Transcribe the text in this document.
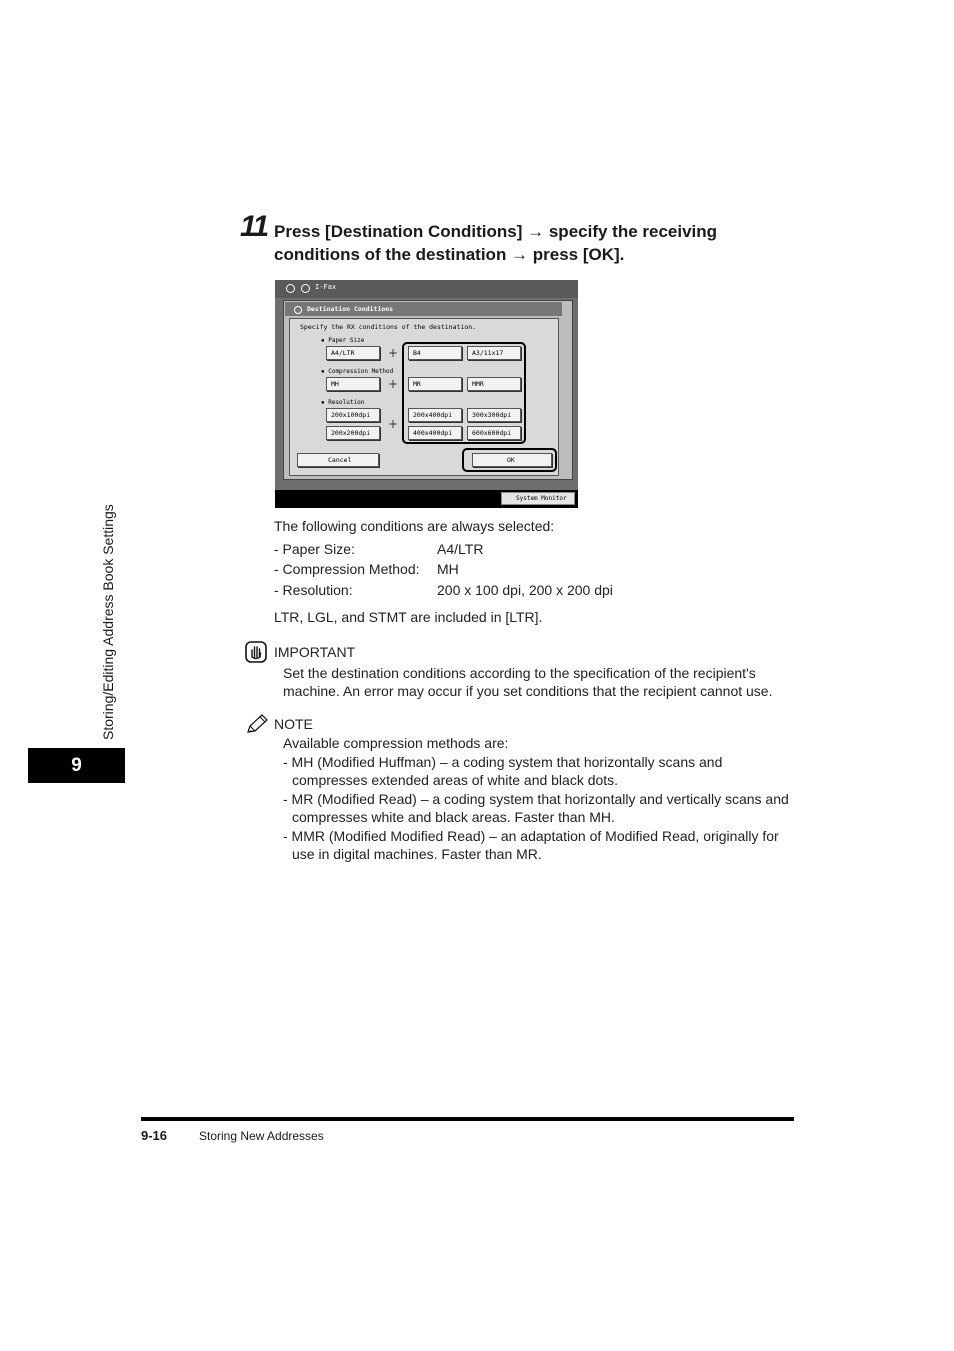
Storing/Editing Address Book Settings
9
11 Press [Destination Conditions] → specify the receiving
conditions of the destination → press [OK].
I-Fax
Destination Conditions
Specify the RX conditions of the destination.
▪ Paper Size
A4/LTR	+	B4	A3/11x17
▪ Compression Method
MH	+	MR	MMR
▪ Resolution
200x100dpi
200x200dpi
+
200x400dpi	300x300dpi
400x400dpi	600x600dpi
Cancel	OK
System Monitor
The following conditions are always selected:
- Paper Size:	A4/LTR
- Compression Method: MH
- Resolution:	200 x 100 dpi, 200 x 200 dpi
LTR, LGL, and STMT are included in [LTR].
IMPORTANT
Set the destination conditions according to the specification of the recipient's
machine. An error may occur if you set conditions that the recipient cannot use.
NOTE
Available compression methods are:
- MH (Modified Huffman) – a coding system that horizontally scans and
compresses extended areas of white and black dots.
- MR (Modified Read) – a coding system that horizontally and vertically scans and
compresses white and black areas. Faster than MH.
- MMR (Modified Modified Read) – an adaptation of Modified Read, originally for
use in digital machines. Faster than MR.
9-16	Storing New Addresses
